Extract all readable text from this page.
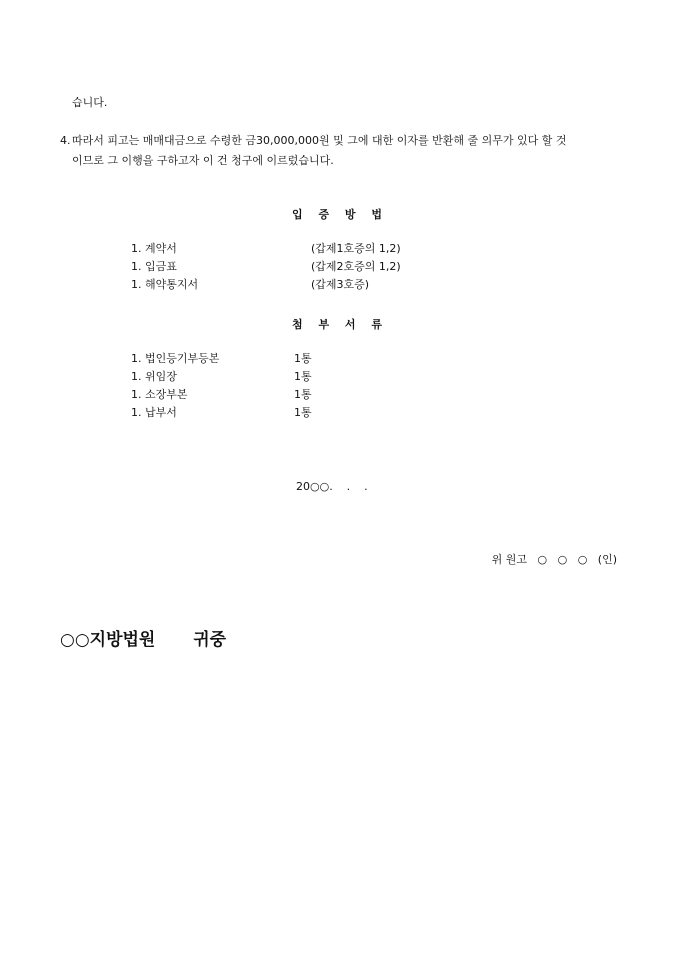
습니다.
4. 따라서 피고는 매매대금으로 수령한 금30,000,000원 및 그에 대한 이자를 반환해 줄 의무가 있다 할 것
이므로 그 이행을 구하고자 이 건 청구에 이르렀습니다.
입 증 방 법
1. 계약서	(갑제1호증의 1,2)
1. 입금표	(갑제2호증의 1,2)
1. 해약통지서	(갑제3호증)
첨 부 서 류
1. 법인등기부등본	1통
1. 위임장	1통
1. 소장부본	1통
1. 납부서	1통
20○○.    .    .
위 원고   ○   ○   ○   (인)
○○지방법원 귀중
